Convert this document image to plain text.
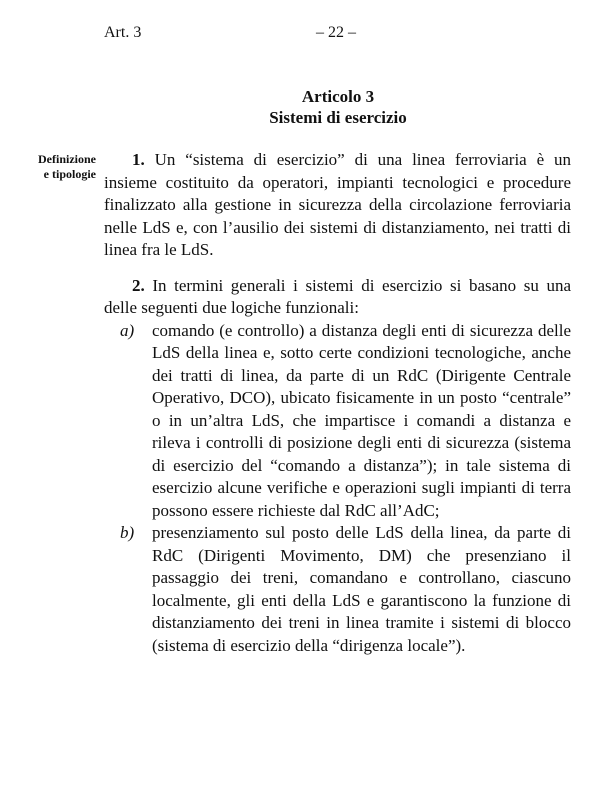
Art. 3	– 22 –
Articolo 3
Sistemi di esercizio
Definizione
e tipologie

1. Un “sistema di esercizio” di una linea ferroviaria è un insieme costituito da operatori, impianti tecnologici e procedure finalizzato alla gestione in sicurezza della circolazione ferroviaria nelle LdS e, con l’ausilio dei sistemi di distanziamento, nei tratti di linea fra le LdS.

2. In termini generali i sistemi di esercizio si basano su una delle seguenti due logiche funzionali:

a) comando (e controllo) a distanza degli enti di sicurezza delle LdS della linea e, sotto certe condizioni tecnologiche, anche dei tratti di linea, da parte di un RdC (Dirigente Centrale Operativo, DCO), ubicato fisicamente in un posto “centrale” o in un’altra LdS, che impartisce i comandi a distanza e rileva i controlli di posizione degli enti di sicurezza (sistema di esercizio del “comando a distanza”); in tale sistema di esercizio alcune verifiche e operazioni sugli impianti di terra possono essere richieste dal RdC all’AdC;
b) presenziamento sul posto delle LdS della linea, da parte di RdC (Dirigenti Movimento, DM) che presenziano il passaggio dei treni, comandano e controllano, ciascuno localmente, gli enti della LdS e garantiscono la funzione di distanziamento dei treni in linea tramite i sistemi di blocco (sistema di esercizio della “dirigenza locale”).
